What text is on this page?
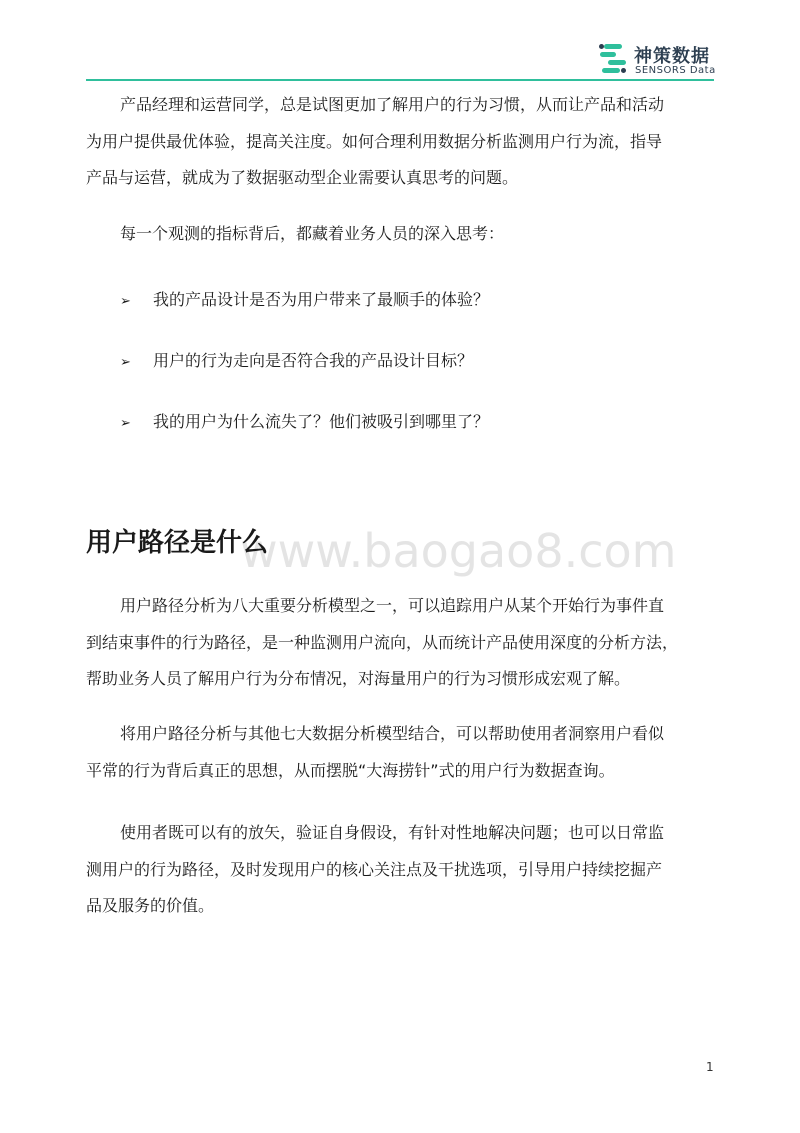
神策数据
SENSORS Data
产品经理和运营同学，总是试图更加了解用户的行为习惯，从而让产品和活动
为用户提供最优体验，提高关注度。如何合理利用数据分析监测用户行为流，指导
产品与运营，就成为了数据驱动型企业需要认真思考的问题。
每一个观测的指标背后，都藏着业务人员的深入思考：
➢ 我的产品设计是否为用户带来了最顺手的体验？
➢ 用户的行为走向是否符合我的产品设计目标？
➢ 我的用户为什么流失了？他们被吸引到哪里了？
www.baogao8.com
用户路径是什么
用户路径分析为八大重要分析模型之一，可以追踪用户从某个开始行为事件直
到结束事件的行为路径，是一种监测用户流向，从而统计产品使用深度的分析方法，
帮助业务人员了解用户行为分布情况，对海量用户的行为习惯形成宏观了解。
将用户路径分析与其他七大数据分析模型结合，可以帮助使用者洞察用户看似
平常的行为背后真正的思想，从而摆脱“大海捞针”式的用户行为数据查询。
使用者既可以有的放矢，验证自身假设，有针对性地解决问题；也可以日常监
测用户的行为路径，及时发现用户的核心关注点及干扰选项，引导用户持续挖掘产
品及服务的价值。
1
